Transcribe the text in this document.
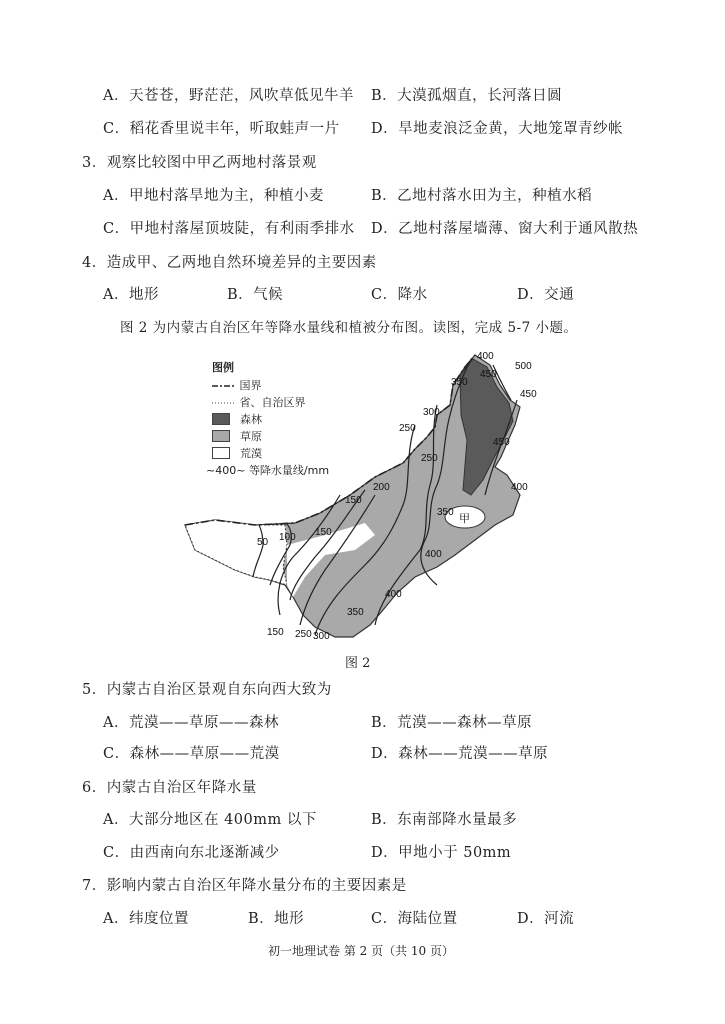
A．天苍苍，野茫茫，风吹草低见牛羊 B．大漠孤烟直，长河落日圆
C．稻花香里说丰年，听取蛙声一片 D．旱地麦浪泛金黄，大地笼罩青纱帐
3．观察比较图中甲乙两地村落景观
A．甲地村落旱地为主，种植小麦	B．乙地村落水田为主，种植水稻
C．甲地村落屋顶坡陡，有利雨季排水 D．乙地村落屋墙薄、窗大利于通风散热
4．造成甲、乙两地自然环境差异的主要因素
A．地形	B．气候	C．降水	D．交通
图 2 为内蒙古自治区年等降水量线和植被分布图。读图，完成 5-7 小题。
400
450
500
350
450
300
250
450
250
400
200
150
350
150
100
50
400
400
150
350
250 300
甲
图例
国界
省、自治区界
森林
草原
荒漠
~400~ 等降水量线/mm
图 2
5．内蒙古自治区景观自东向西大致为
A．荒漠——草原——森林	B．荒漠——森林—草原
C．森林——草原——荒漠	D．森林——荒漠——草原
6．内蒙古自治区年降水量
A．大部分地区在 400mm 以下	B．东南部降水量最多
C．由西南向东北逐渐减少	D．甲地小于 50mm
7．影响内蒙古自治区年降水量分布的主要因素是
A．纬度位置	B．地形	C．海陆位置	D．河流
初一地理试卷 第 2 页（共 10 页）
